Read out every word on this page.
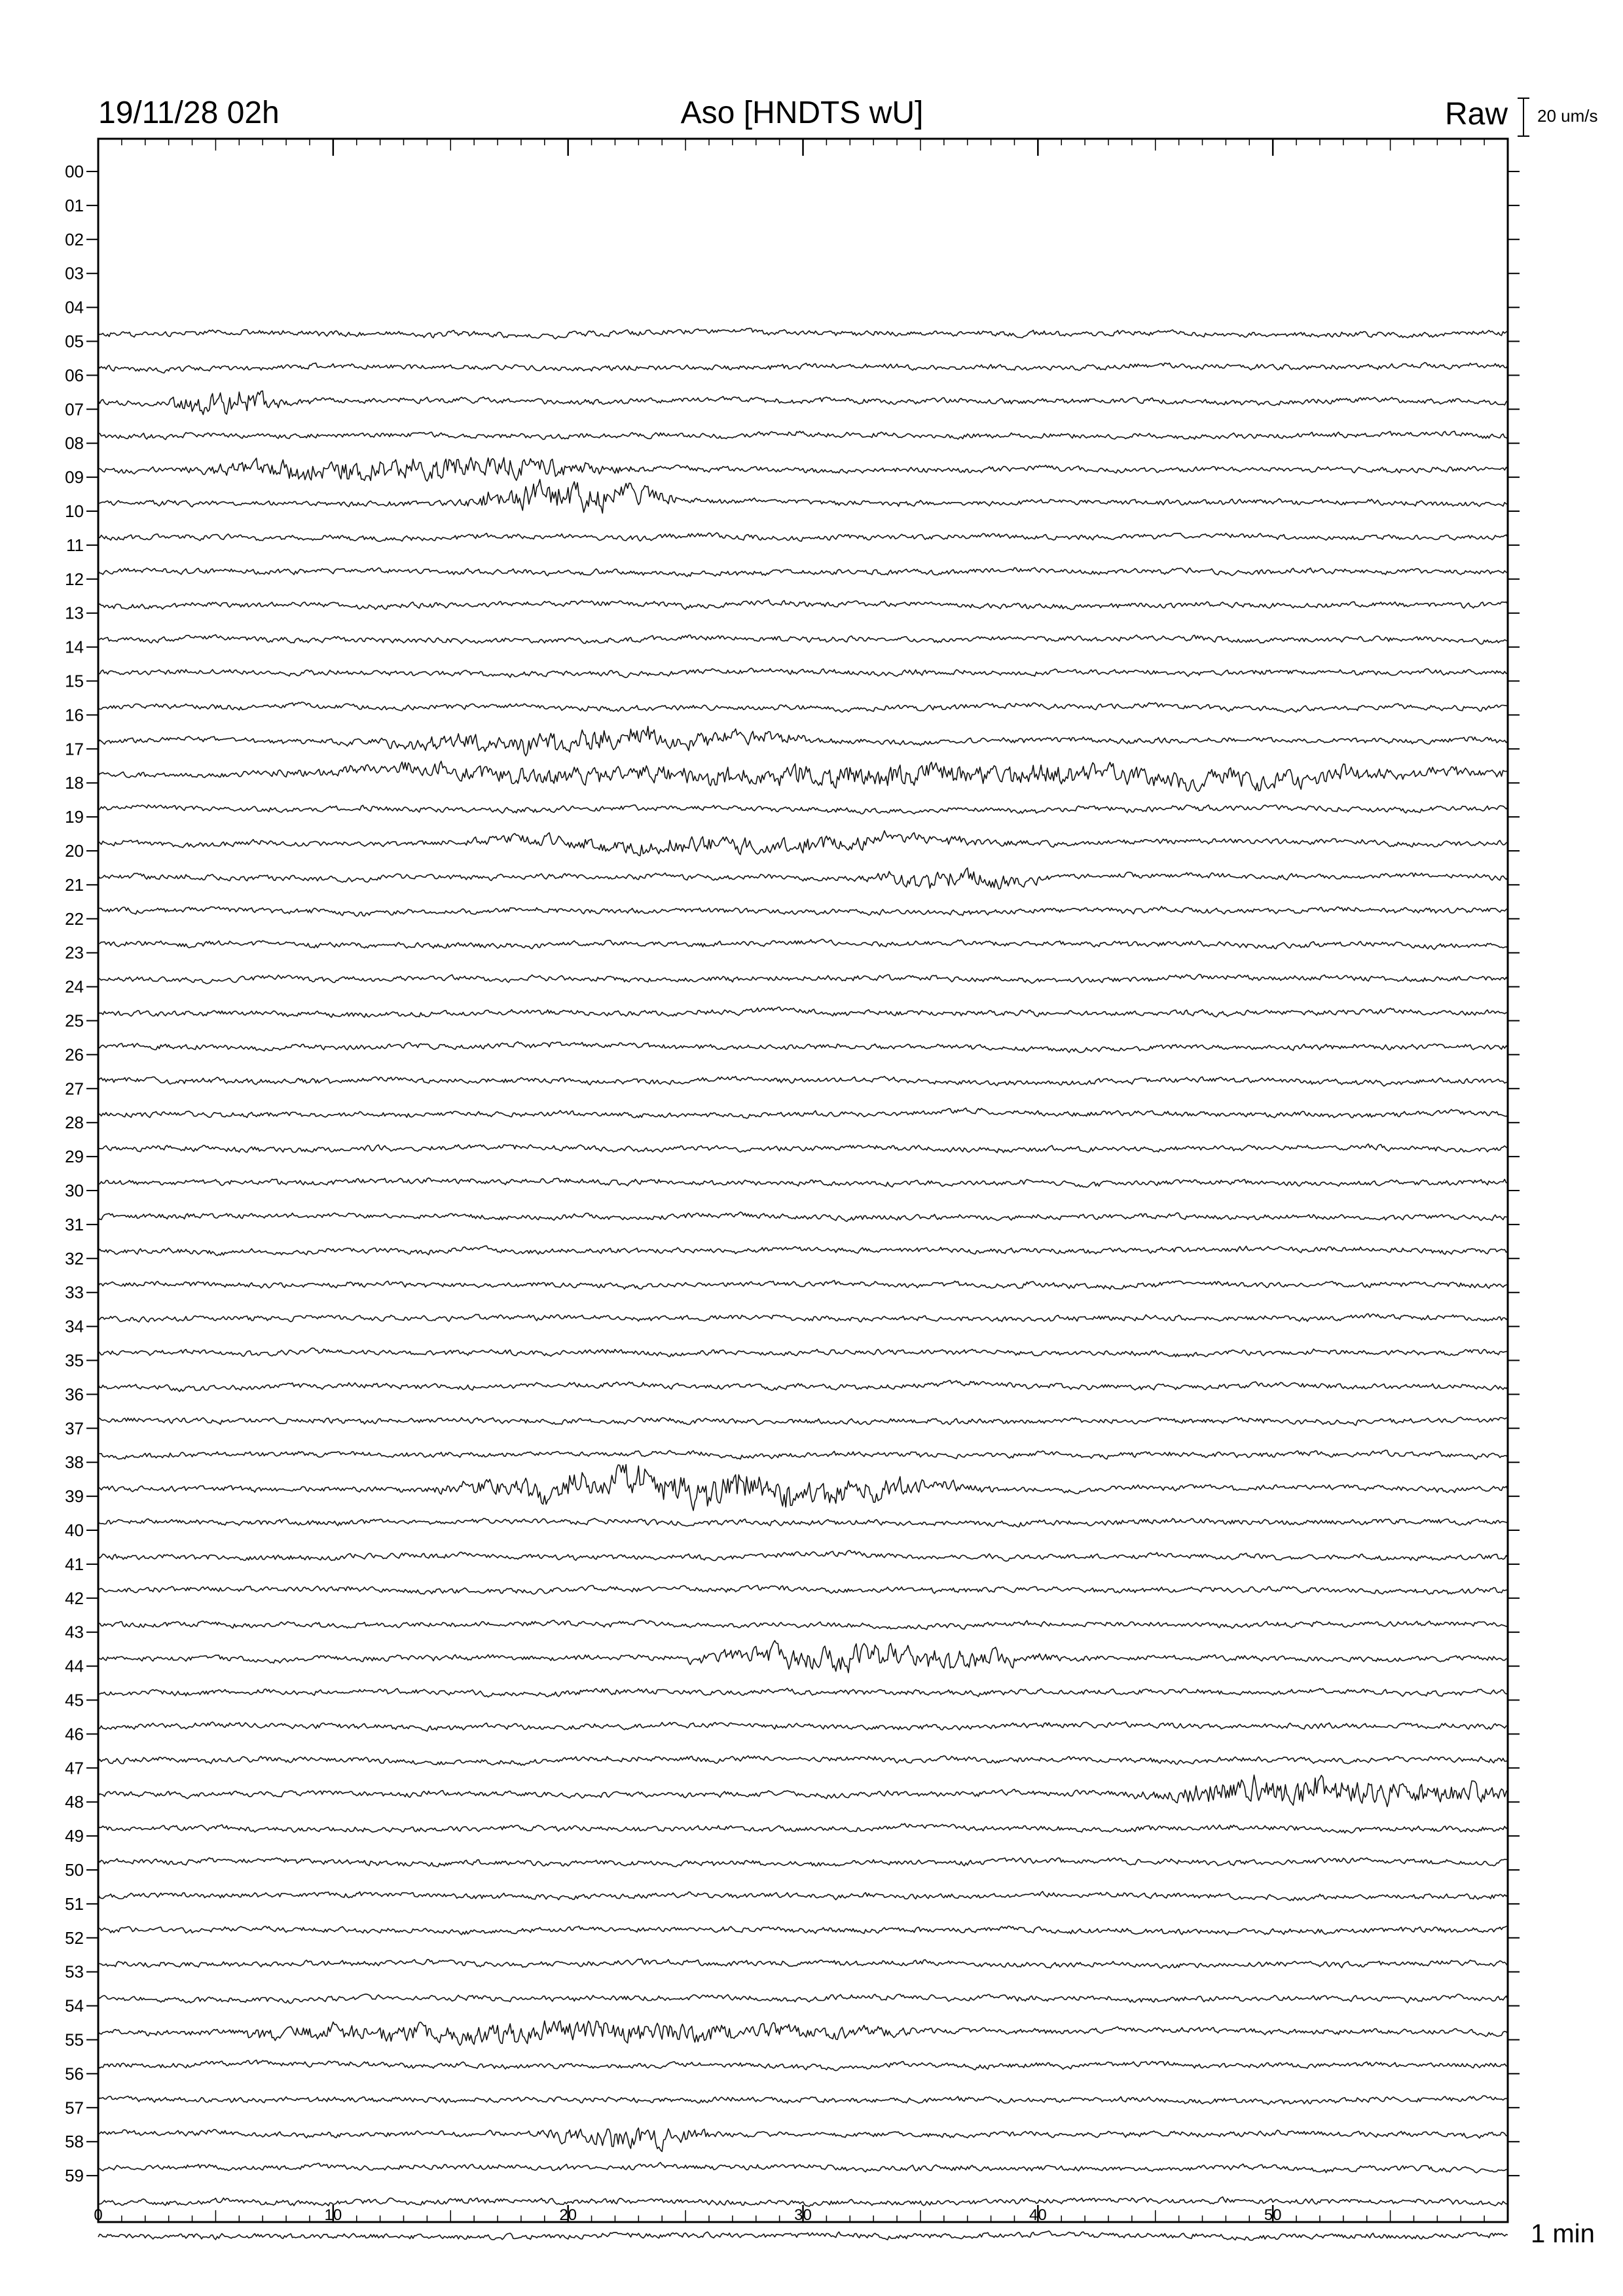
19/11/28 02h	Aso [HNDTS wU]	Raw 20 um/s
00
01
02
03
04
05
06
07
08
09
10
11
12
13
14
15
16
17
18
19
20
21
22
23
24
25
26
27
28
29
30
31
32
33
34
35
36
37
38
39
40
41
42
43
44
45
46
47
48
49
50
51
52
53
54
55
56
57
58
59
0	10	20	30	40	50
1 min
